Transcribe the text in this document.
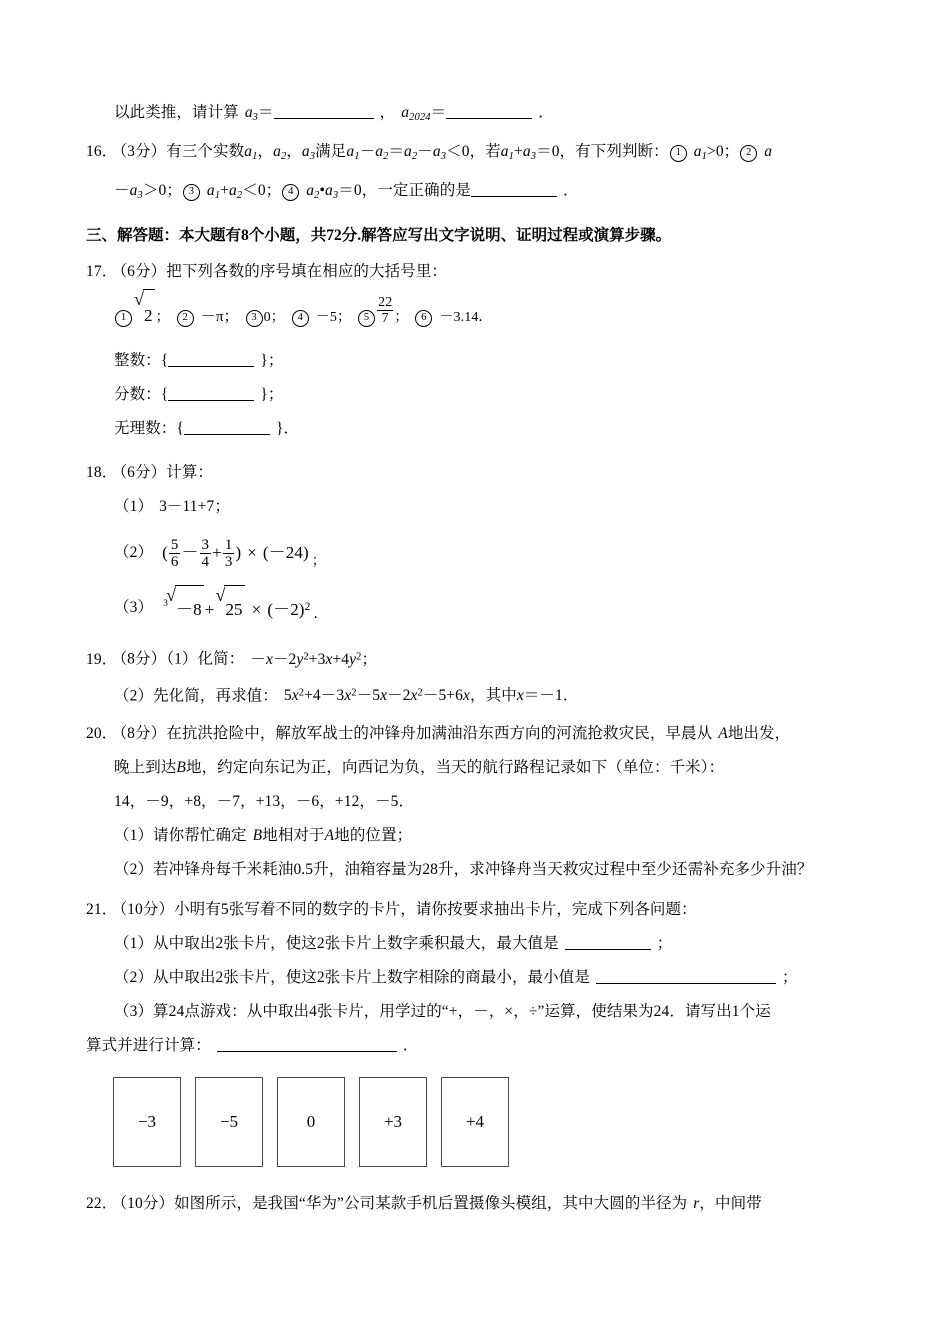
以此类推，请计算 $a_3=$	， $a_{2024}=$	．
16． （3分）有三个实数$a_1$，$a_2$，$a_3$满足$a_1-a_2=a_2-a_3<0$，若$a_1+a_3=0$，有下列判断： 1 $a_1>0$； 2 a
$-a_3>0$； 3 $a_1+a_2<0$； 4 $a_2•a_3=0$，一定正确的是	．
三、解答题：本大题有8个小题，共72分.解答应写出文字说明、证明过程或演算步骤。
17． （6分）把下列各数的序号填在相应的大括号里：
1
√
2 ； 2 －π； 3 0； 4 －5； $5 \frac{22}{7}$ ； 6 －3.14．
整数：{	}；
分数：{	}；
无理数：{	}．
18． （6分）计算：
（1） 3－11+7；
（2） ( $\frac{5}{6} - \frac{3}{4} + \frac{1}{3}$ ) × (－24) ；
（3） 3
√
－8 +
√
$25 \times (-2)^2$．
19． （8分）（1）化简： $-x-2y^2+3x+4y^2$；
（2）先化简，再求值： $5x^2+4-3x^2-5x-2x^2-5+6x$，其中x＝－1．
20． （8分）在抗洪抢险中，解放军战士的冲锋舟加满油沿东西方向的河流抢救灾民，早晨从 A地出发，
晚上到达B地，约定向东记为正，向西记为负，当天的航行路程记录如下（单位：千米）：
14，－9，+8，－7，+13，－6，+12，－5．
（1）请你帮忙确定 B地相对于A地的位置；
（2）若冲锋舟每千米耗油0.5升，油箱容量为28升，求冲锋舟当天救灾过程中至少还需补充多少升油？
21． （10分）小明有5张写着不同的数字的卡片，请你按要求抽出卡片，完成下列各问题：
（1）从中取出2张卡片，使这2张卡片上数字乘积最大，最大值是	；
（2）从中取出2张卡片，使这2张卡片上数字相除的商最小，最小值是	；
（3）算24点游戏：从中取出4张卡片，用学过的“+，－，×，÷”运算，使结果为24．请写出1个运
算式并进行计算：	．
−3	−5	0	+3	+4
22． （10分）如图所示，是我国“华为”公司某款手机后置摄像头模组，其中大圆的半径为 r，中间带
